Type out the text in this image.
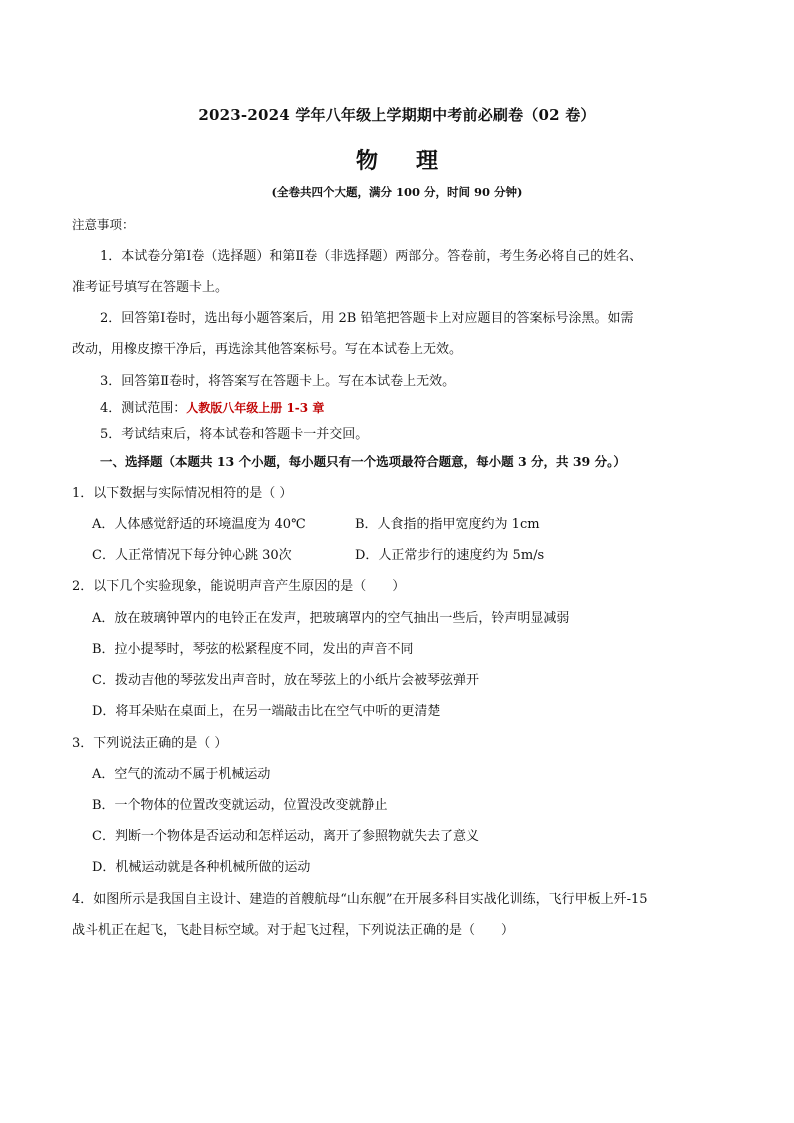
2023-2024 学年八年级上学期期中考前必刷卷（02 卷）
物理
(全卷共四个大题，满分 100 分，时间 90 分钟)
注意事项：
1．本试卷分第Ⅰ卷（选择题）和第Ⅱ卷（非选择题）两部分。答卷前，考生务必将自己的姓名、
准考证号填写在答题卡上。
2．回答第Ⅰ卷时，选出每小题答案后，用 2B 铅笔把答题卡上对应题目的答案标号涂黑。如需
改动，用橡皮擦干净后，再选涂其他答案标号。写在本试卷上无效。
3．回答第Ⅱ卷时，将答案写在答题卡上。写在本试卷上无效。
4．测试范围：人教版八年级上册 1-3 章
5．考试结束后，将本试卷和答题卡一并交回。
一、选择题（本题共 13 个小题，每小题只有一个选项最符合题意，每小题 3 分，共 39 分。）
1．以下数据与实际情况相符的是（ ）
A．人体感觉舒适的环境温度为 40℃	B．人食指的指甲宽度约为 1cm
C．人正常情况下每分钟心跳 30次	D．人正常步行的速度约为 5m/s
2．以下几个实验现象，能说明声音产生原因的是（　　）
A．放在玻璃钟罩内的电铃正在发声，把玻璃罩内的空气抽出一些后，铃声明显减弱
B．拉小提琴时，琴弦的松紧程度不同，发出的声音不同
C．拨动吉他的琴弦发出声音时，放在琴弦上的小纸片会被琴弦弹开
D．将耳朵贴在桌面上，在另一端敲击比在空气中听的更清楚
3．下列说法正确的是（ ）
A．空气的流动不属于机械运动
B．一个物体的位置改变就运动，位置没改变就静止
C．判断一个物体是否运动和怎样运动，离开了参照物就失去了意义
D．机械运动就是各种机械所做的运动
4．如图所示是我国自主设计、建造的首艘航母“山东舰”在开展多科目实战化训练，飞行甲板上歼-15
战斗机正在起飞，飞赴目标空域。对于起飞过程，下列说法正确的是（　　）
